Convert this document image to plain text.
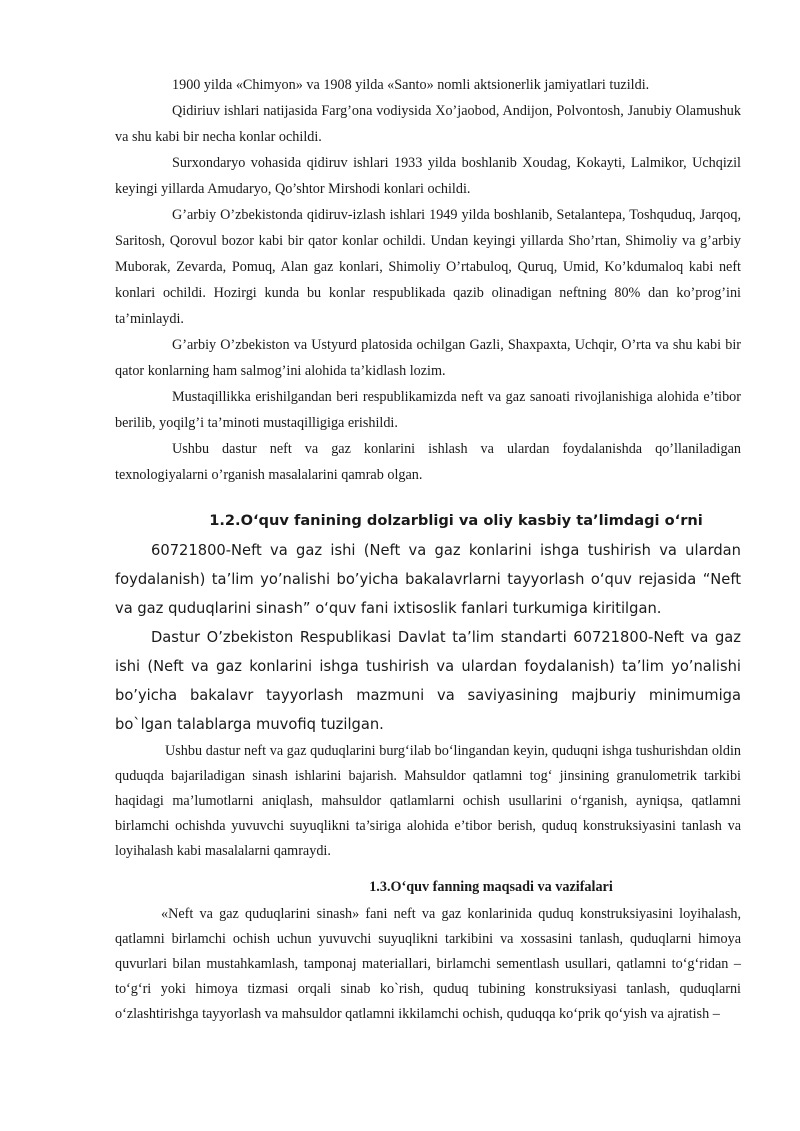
1900 yilda «Chimyon» va 1908 yilda «Santo» nomli aktsionerlik jamiyatlari tuzildi.

Qidiriuv ishlari natijasida Farg’ona vodiysida Xo’jaobod, Andijon, Polvontosh, Janubiy Olamushuk va shu kabi bir necha konlar ochildi.

Surxondaryo vohasida qidiruv ishlari 1933 yilda boshlanib Xoudag, Kokayti, Lalmikor, Uchqizil keyingi yillarda Amudaryo, Qo’shtor Mirshodi konlari ochildi.

G’arbiy O’zbekistonda qidiruv-izlash ishlari 1949 yilda boshlanib, Setalantepa, Toshquduq, Jarqoq, Saritosh, Qorovul bozor kabi bir qator konlar ochildi. Undan keyingi yillarda Sho’rtan, Shimoliy va g’arbiy Muborak, Zevarda, Pomuq, Alan gaz konlari, Shimoliy O’rtabuloq, Quruq, Umid, Ko’kdumaloq kabi neft konlari ochildi. Hozirgi kunda bu konlar respublikada qazib olinadigan neftning 80% dan ko’prog’ini ta’minlaydi.

G’arbiy O’zbekiston va Ustyurd platosida ochilgan Gazli, Shaxpaxta, Uchqir, O’rta va shu kabi bir qator konlarning ham salmog’ini alohida ta’kidlash lozim.

Mustaqillikka erishilgandan beri respublikamizda neft va gaz sanoati rivojlanishiga alohida e’tibor berilib, yoqilg’i ta’minoti mustaqilligiga erishildi.

Ushbu dastur neft va gaz konlarini ishlash va ulardan foydalanishda qo’llaniladigan texnologiyalarni o’rganish masalalarini qamrab olgan.

1.2.O‘quv fanining dolzarbligi va oliy kasbiy ta’limdagi o‘rni

60721800-Neft va gaz ishi (Neft va gaz konlarini ishga tushirish va ulardan foydalanish) ta’lim yo’nalishi bo’yicha bakalavrlarni tayyorlash o‘quv rejasida “Neft va gaz quduqlarini sinash” o‘quv fani ixtisoslik fanlari turkumiga kiritilgan.

Dastur O’zbekiston Respublikasi Davlat ta’lim standarti 60721800-Neft va gaz ishi (Neft va gaz konlarini ishga tushirish va ulardan foydalanish) ta’lim yo’nalishi bo’yicha bakalavr tayyorlash mazmuni va saviyasining majburiy minimumiga bo`lgan talablarga muvofiq tuzilgan.

Ushbu dastur neft va gaz quduqlarini burg‘ilab bo‘lingandan keyin, quduqni ishga tushurishdan oldin quduqda bajariladigan sinash ishlarini bajarish. Mahsuldor qatlamni tog‘ jinsining granulometrik tarkibi haqidagi ma’lumotlarni aniqlash, mahsuldor qatlamlarni ochish usullarini o‘rganish, ayniqsa, qatlamni birlamchi ochishda yuvuvchi suyuqlikni ta’siriga alohida e’tibor berish, quduq konstruksiyasini tanlash va loyihalash kabi masalalarni qamraydi.

1.3.O‘quv fanning maqsadi va vazifalari

«Neft va gaz quduqlarini sinash» fani neft va gaz konlarinida quduq konstruksiyasini loyihalash, qatlamni birlamchi ochish uchun yuvuvchi suyuqlikni tarkibini va xossasini tanlash, quduqlarni himoya quvurlari bilan mustahkamlash, tamponaj materiallari, birlamchi sementlash usullari, qatlamni to‘g‘ridan – to‘g‘ri yoki himoya tizmasi orqali sinab ko`rish, quduq tubining konstruksiyasi tanlash, quduqlarni o‘zlashtirishga tayyorlash va mahsuldor qatlamni ikkilamchi ochish, quduqqa ko‘prik qo‘yish va ajratish –
